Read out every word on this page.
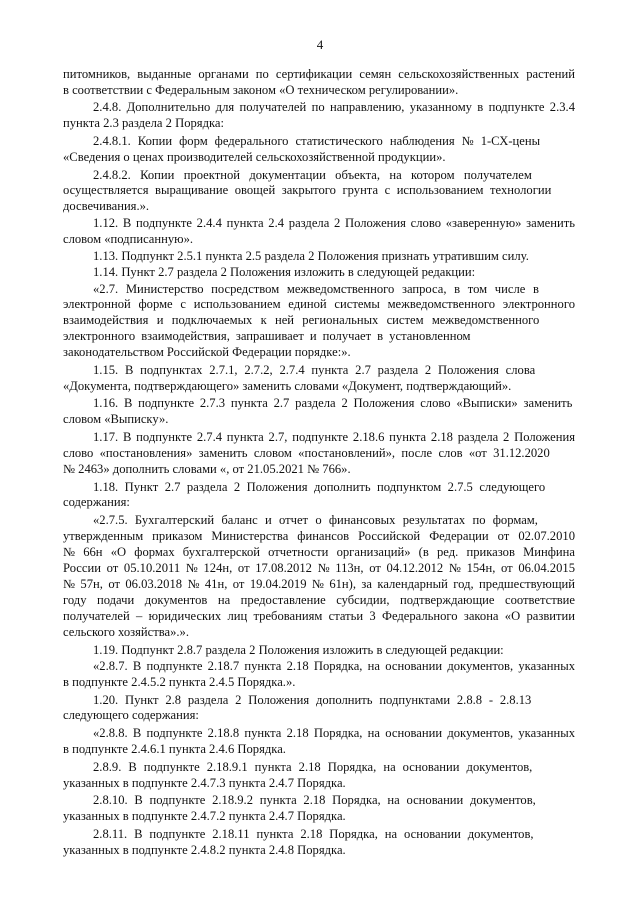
4
питомников, выданные органами по сертификации семян сельскохозяйственных растений
в соответствии с Федеральным законом «О техническом регулировании».
2.4.8. Дополнительно для получателей по направлению, указанному в подпункте 2.3.4
пункта 2.3 раздела 2 Порядка:
2.4.8.1. Копии форм федерального статистического наблюдения № 1-СХ-цены
«Сведения о ценах производителей сельскохозяйственной продукции».
2.4.8.2. Копии проектной документации объекта, на котором получателем
осуществляется выращивание овощей закрытого грунта с использованием технологии
досвечивания.».
1.12. В подпункте 2.4.4 пункта 2.4 раздела 2 Положения слово «заверенную» заменить
словом «подписанную».
1.13. Подпункт 2.5.1 пункта 2.5 раздела 2 Положения признать утратившим силу.
1.14. Пункт 2.7 раздела 2 Положения изложить в следующей редакции:
«2.7. Министерство посредством межведомственного запроса, в том числе в
электронной форме с использованием единой системы межведомственного электронного
взаимодействия и подключаемых к ней региональных систем межведомственного
электронного взаимодействия, запрашивает и получает в установленном
законодательством Российской Федерации порядке:».
1.15. В подпунктах 2.7.1, 2.7.2, 2.7.4 пункта 2.7 раздела 2 Положения слова
«Документа, подтверждающего» заменить словами «Документ, подтверждающий».
1.16. В подпункте 2.7.3 пункта 2.7 раздела 2 Положения слово «Выписки» заменить
словом «Выписку».
1.17. В подпункте 2.7.4 пункта 2.7, подпункте 2.18.6 пункта 2.18 раздела 2 Положения
слово «постановления» заменить словом «постановлений», после слов «от 31.12.2020
№ 2463» дополнить словами «, от 21.05.2021 № 766».
1.18. Пункт 2.7 раздела 2 Положения дополнить подпунктом 2.7.5 следующего
содержания:
«2.7.5. Бухгалтерский баланс и отчет о финансовых результатах по формам,
утвержденным приказом Министерства финансов Российской Федерации от 02.07.2010
№ 66н «О формах бухгалтерской отчетности организаций» (в ред. приказов Минфина
России от 05.10.2011 № 124н, от 17.08.2012 № 113н, от 04.12.2012 № 154н, от 06.04.2015
№ 57н, от 06.03.2018 № 41н, от 19.04.2019 № 61н), за календарный год, предшествующий
году подачи документов на предоставление субсидии, подтверждающие соответствие
получателей – юридических лиц требованиям статьи 3 Федерального закона «О развитии
сельского хозяйства».».
1.19. Подпункт 2.8.7 раздела 2 Положения изложить в следующей редакции:
«2.8.7. В подпункте 2.18.7 пункта 2.18 Порядка, на основании документов, указанных
в подпункте 2.4.5.2 пункта 2.4.5 Порядка.».
1.20. Пункт 2.8 раздела 2 Положения дополнить подпунктами 2.8.8 - 2.8.13
следующего содержания:
«2.8.8. В подпункте 2.18.8 пункта 2.18 Порядка, на основании документов, указанных
в подпункте 2.4.6.1 пункта 2.4.6 Порядка.
2.8.9. В подпункте 2.18.9.1 пункта 2.18 Порядка, на основании документов,
указанных в подпункте 2.4.7.3 пункта 2.4.7 Порядка.
2.8.10. В подпункте 2.18.9.2 пункта 2.18 Порядка, на основании документов,
указанных в подпункте 2.4.7.2 пункта 2.4.7 Порядка.
2.8.11. В подпункте 2.18.11 пункта 2.18 Порядка, на основании документов,
указанных в подпункте 2.4.8.2 пункта 2.4.8 Порядка.
